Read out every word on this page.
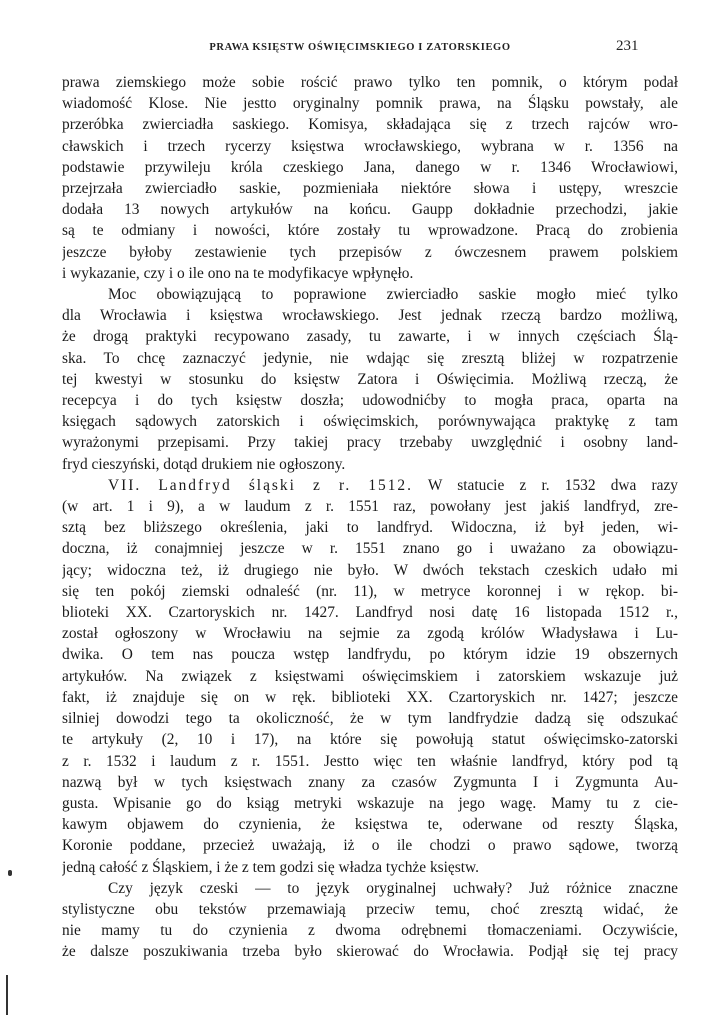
PRAWA KSIĘSTW OŚWIĘCIMSKIEGO I ZATORSKIEGO	231

prawa ziemskiego może sobie rościć prawo tylko ten pomnik, o którym podał
wiadomość Klose. Nie jestto oryginalny pomnik prawa, na Śląsku powstały, ale
przeróbka zwierciadła saskiego. Komisya, składająca się z trzech rajców wro-
cławskich i trzech rycerzy księstwa wrocławskiego, wybrana w r. 1356 na
podstawie przywileju króla czeskiego Jana, danego w r. 1346 Wrocławiowi,
przejrzała zwierciadło saskie, pozmieniała niektóre słowa i ustępy, wreszcie
dodała 13 nowych artykułów na końcu. Gaupp dokładnie przechodzi, jakie
są te odmiany i nowości, które zostały tu wprowadzone. Pracą do zrobienia
jeszcze byłoby zestawienie tych przepisów z ówczesnem prawem polskiem
i wykazanie, czy i o ile ono na te modyfikacye wpłynęło.

Moc obowiązującą to poprawione zwierciadło saskie mogło mieć tylko
dla Wrocławia i księstwa wrocławskiego. Jest jednak rzeczą bardzo możliwą,
że drogą praktyki recypowano zasady, tu zawarte, i w innych częściach Ślą-
ska. To chcę zaznaczyć jedynie, nie wdając się zresztą bliżej w rozpatrzenie
tej kwestyi w stosunku do księstw Zatora i Oświęcimia. Możliwą rzeczą, że
recepcya i do tych księstw doszła; udowodnićby to mogła praca, oparta na
księgach sądowych zatorskich i oświęcimskich, porównywająca praktykę z tam
wyrażonymi przepisami. Przy takiej pracy trzebaby uwzględnić i osobny land-
fryd cieszyński, dotąd drukiem nie ogłoszony.

VII. Landfryd śląski z r. 1512. W statucie z r. 1532 dwa razy
(w art. 1 i 9), a w laudum z r. 1551 raz, powołany jest jakiś landfryd, zre-
sztą bez bliższego określenia, jaki to landfryd. Widoczna, iż był jeden, wi-
doczna, iż conajmniej jeszcze w r. 1551 znano go i uważano za obowiązu-
jący; widoczna też, iż drugiego nie było. W dwóch tekstach czeskich udało mi
się ten pokój ziemski odnaleść (nr. 11), w metryce koronnej i w rękop. bi-
blioteki XX. Czartoryskich nr. 1427. Landfryd nosi datę 16 listopada 1512 r.,
został ogłoszony w Wrocławiu na sejmie za zgodą królów Władysława i Lu-
dwika. O tem nas poucza wstęp landfrydu, po którym idzie 19 obszernych
artykułów. Na związek z księstwami oświęcimskiem i zatorskiem wskazuje już
fakt, iż znajduje się on w ręk. biblioteki XX. Czartoryskich nr. 1427; jeszcze
silniej dowodzi tego ta okoliczność, że w tym landfrydzie dadzą się odszukać
te artykuły (2, 10 i 17), na które się powołują statut oświęcimsko-zatorski
z r. 1532 i laudum z r. 1551. Jestto więc ten właśnie landfryd, który pod tą
nazwą był w tych księstwach znany za czasów Zygmunta I i Zygmunta Au-
gusta. Wpisanie go do ksiąg metryki wskazuje na jego wagę. Mamy tu z cie-
kawym objawem do czynienia, że księstwa te, oderwane od reszty Śląska,
Koronie poddane, przecież uważają, iż o ile chodzi o prawo sądowe, tworzą
jedną całość z Śląskiem, i że z tem godzi się władza tychże księstw.

Czy język czeski — to język oryginalnej uchwały? Już różnice znaczne
stylistyczne obu tekstów przemawiają przeciw temu, choć zresztą widać, że
nie mamy tu do czynienia z dwoma odrębnemi tłomaczeniami. Oczywiście,
że dalsze poszukiwania trzeba było skierować do Wrocławia. Podjął się tej pracy
